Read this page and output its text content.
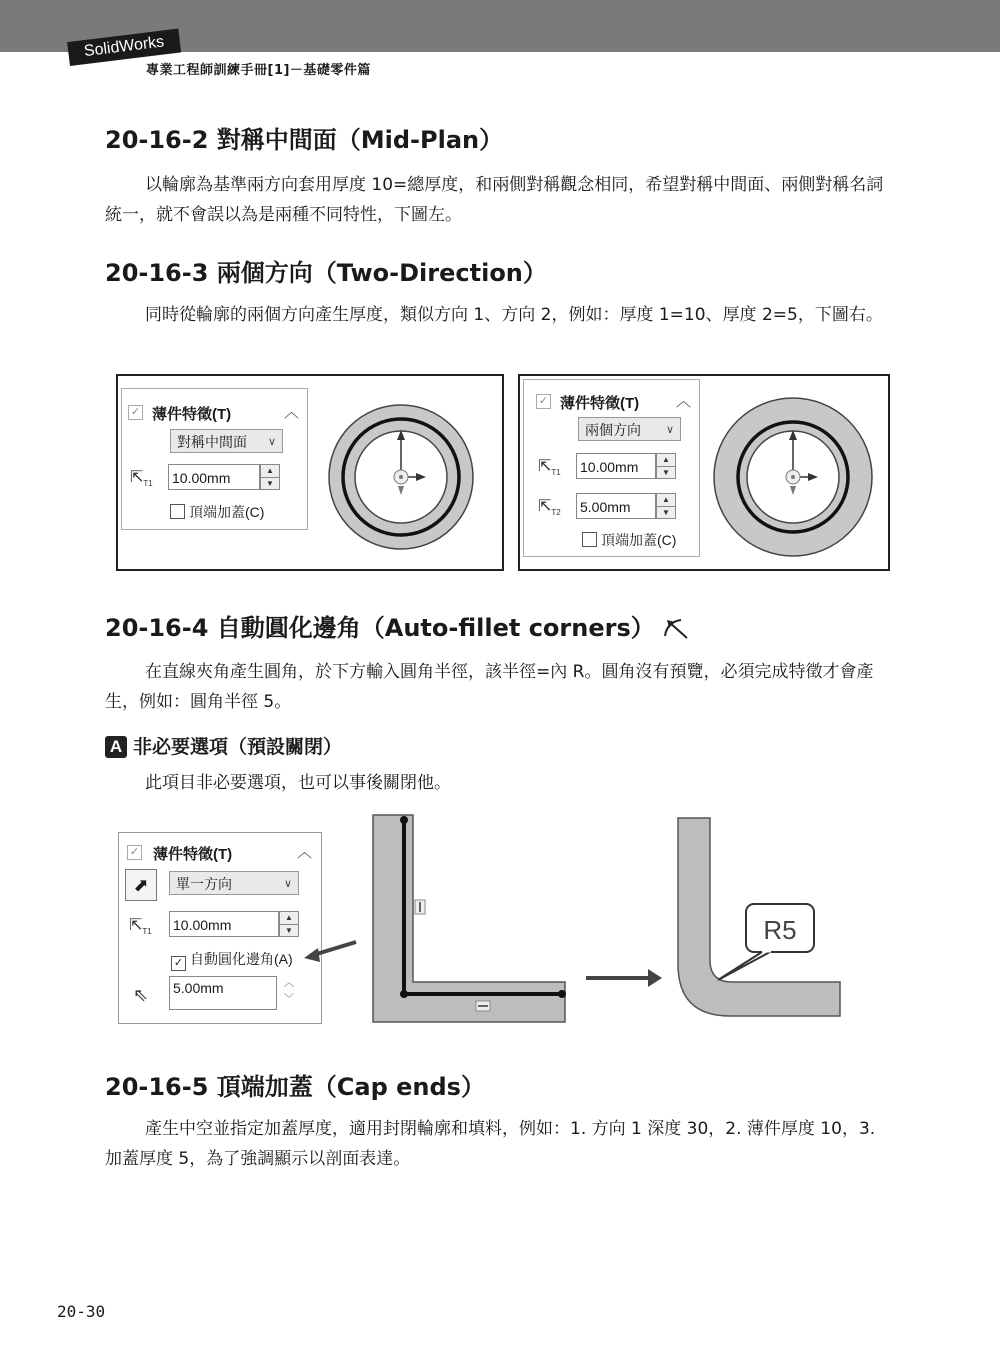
SolidWorks
專業工程師訓練手冊[1]－基礎零件篇
20-16-2 對稱中間面（Mid-Plan）

以輪廓為基準兩方向套用厚度 10=總厚度，和兩側對稱觀念相同，希望對稱中間面、兩側對稱名詞統一，就不會誤以為是兩種不同特性，下圖左。

20-16-3 兩個方向（Two-Direction）

同時從輪廓的兩個方向產生厚度，類似方向 1、方向 2，例如：厚度 1=10、厚度 2=5，下圖右。

✓ 薄件特徵(T)	︿
對稱中間面 ∨
$⇱_{T1}$ 10.00mm	▲
▼
頂端加蓋(C)
✓ 薄件特徵(T) ︿
兩個方向 ∨
$⇱_{T1}$ 10.00mm	▲
▼
$⇱_{T2}$ 5.00mm	▲
▼
頂端加蓋(C)
20-16-4 自動圓化邊角（Auto-fillet corners）

在直線夾角產生圓角，於下方輸入圓角半徑，該半徑=內 R。圓角沒有預覽，必須完成特徵才會產生，例如：圓角半徑 5。

A 非必要選項（預設關閉）

此項目非必要選項，也可以事後關閉他。

✓ 薄件特徵(T)	︿
⬈	單一方向	∨
$⇱_{T1}$ 10.00mm	▲
▼
✓ 自動圓化邊角(A)
⇖ 5.00mm	︿
﹀
R5
20-16-5 頂端加蓋（Cap ends）

產生中空並指定加蓋厚度，適用封閉輪廓和填料，例如：1. 方向 1 深度 30，2. 薄件厚度 10，3. 加蓋厚度 5，為了強調顯示以剖面表達。

20-30
